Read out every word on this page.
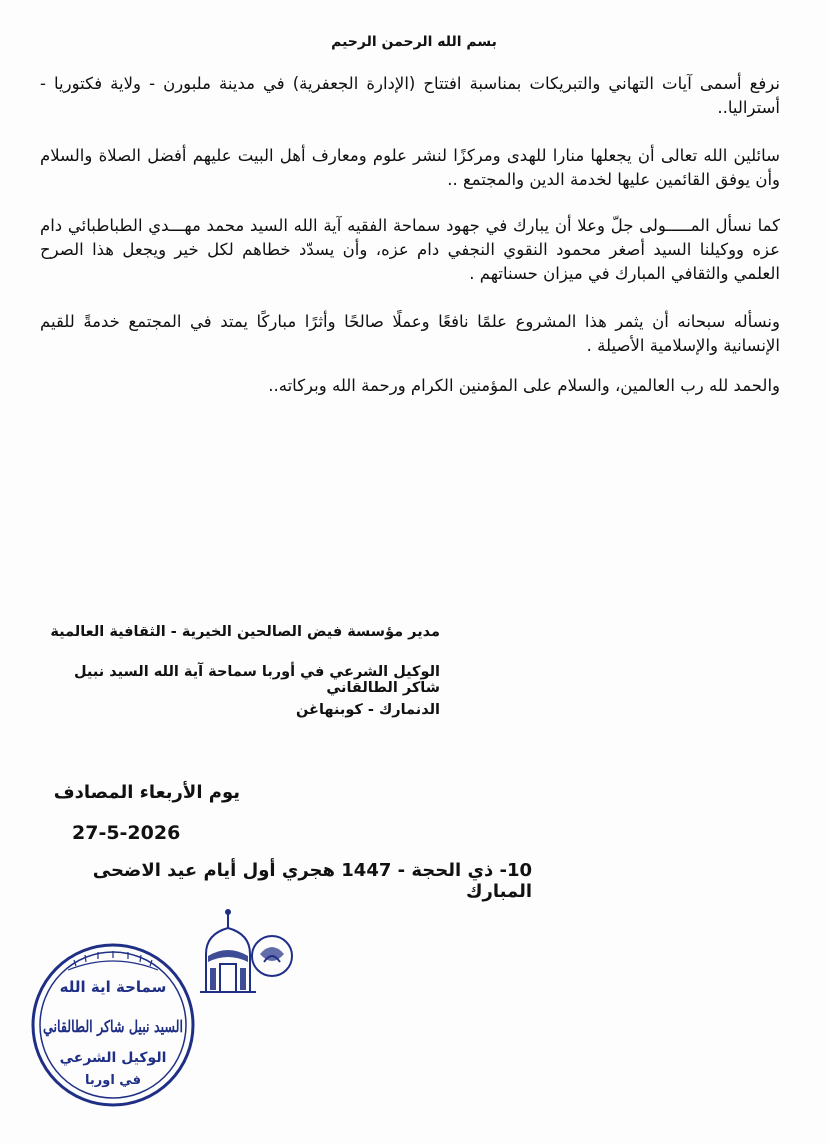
بسم الله الرحمن الرحيم
نرفع أسمى آيات التهاني والتبريكات بمناسبة افتتاح (الإدارة الجعفرية) في مدينة ملبورن - ولاية فكتوريا - أستراليا..
سائلين الله تعالى أن يجعلها منارا للهدى ومركزًا لنشر علوم ومعارف أهل البيت عليهم أفضل الصلاة والسلام وأن يوفق القائمين عليها لخدمة الدين والمجتمع ..
كما نسأل المـــــولى جلّ وعلا أن يبارك في جهود سماحة الفقيه آية الله السيد محمد مهـــدي الطباطبائي دام عزه ووكيلنا السيد أصغر محمود النقوي النجفي دام عزه، وأن يسدّد خطاهم لكل خير ويجعل هذا الصرح العلمي والثقافي المبارك في ميزان حسناتهم .
ونسأله سبحانه أن يثمر هذا المشروع علمًا نافعًا وعملًا صالحًا وأثرًا مباركًا يمتد في المجتمع خدمةً للقيم الإنسانية والإسلامية الأصيلة .
والحمد لله رب العالمين، والسلام على المؤمنين الكرام ورحمة الله وبركاته..
مدير مؤسسة فيض الصالحين الخيرية - الثقافية العالمية
الوكيل الشرعي في أوربا سماحة آية الله السيد نبيل شاكر الطالقاني
الدنمارك - كوبنهاغن
يوم الأربعاء المصادف
27-5-2026
10- ذي الحجة - 1447 هجري أول أيام عيد الاضحى المبارك
سماحة اية الله
السيد نبيل شاكر الطالقاني
الوكيل الشرعي
في اوربا
